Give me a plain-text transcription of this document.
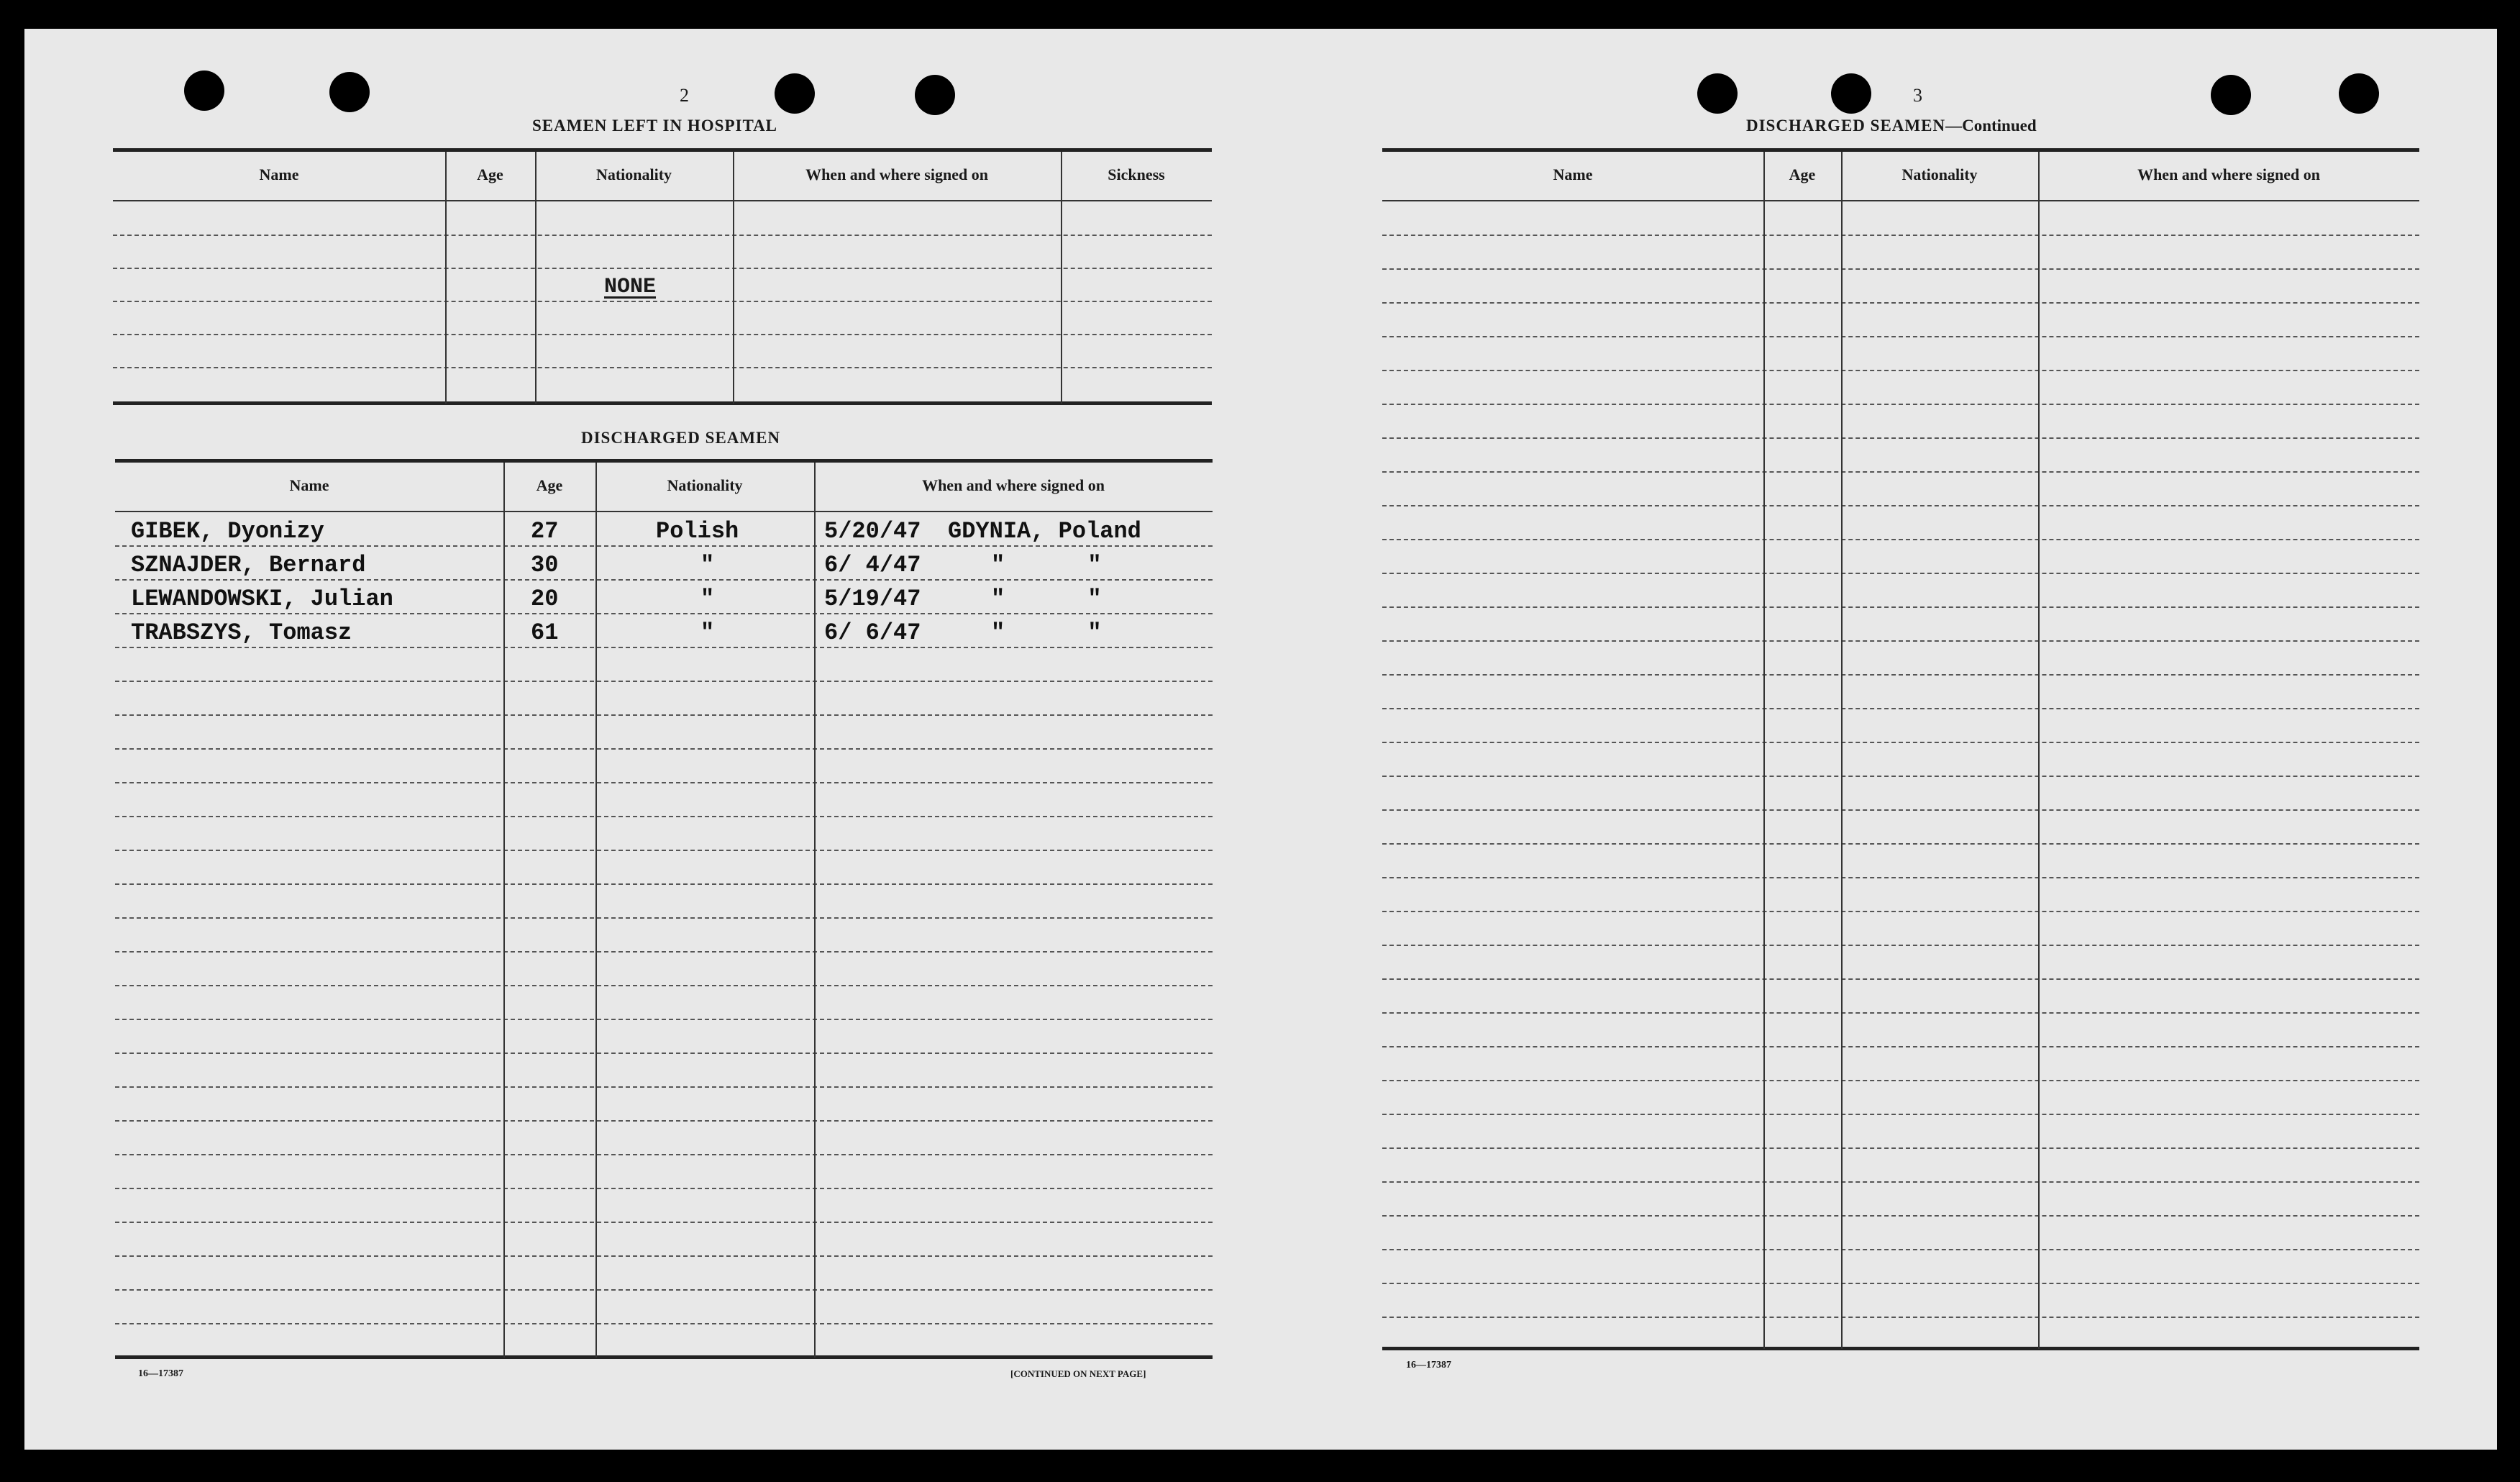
2
SEAMEN LEFT IN HOSPITAL
Name	Age	Nationality	When and where signed on	Sickness
NONE
DISCHARGED SEAMEN
Name	Age	Nationality	When and where signed on
GIBEK, Dyonizy	27	Polish	5/20/47 GDYNIA, Poland
SZNAJDER, Bernard	30	"	6/ 4/47	"      "
LEWANDOWSKI, Julian	20	"	5/19/47	"      "
TRABSZYS, Tomasz	61	"	6/ 6/47	"      "
16—17387	[CONTINUED ON NEXT PAGE]
3
DISCHARGED SEAMEN—Continued
Name	Age	Nationality	When and where signed on
16—17387
